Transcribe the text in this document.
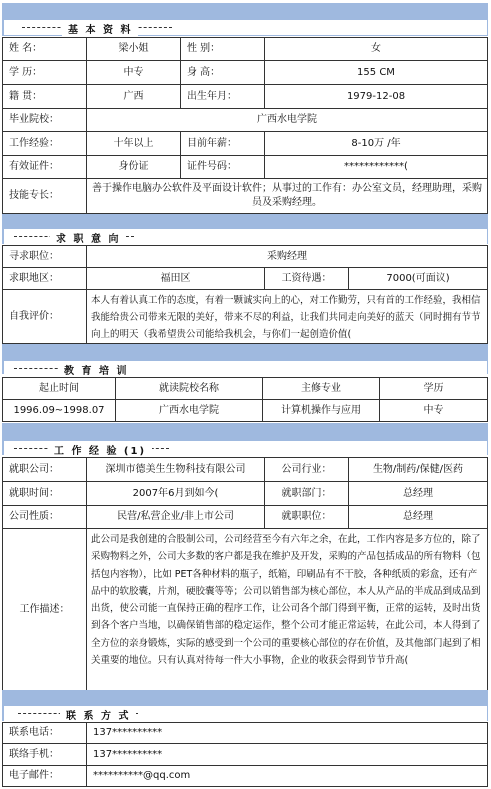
基 本 资 料
姓 名：	梁小姐	性 别：	女
学 历：	中专	身 高：	155 CM
籍 贯：	广西	出生年月：	1979-12-08
毕业院校：	广西水电学院
工作经验：	十年以上	目前年薪：	8-10万 /年
有效证件：	身份证	证件号码：	************(
技能专长：
善于操作电脑办公软件及平面设计软件；从事过的工作有：办公室文员，经理助理，采购员及采购经理。
求 职 意 向
寻求职位：	采购经理
求职地区：	福田区	工资待遇：	7000(可面议)
自我评价：
本人有着认真工作的态度，有着一颗诚实向上的心，对工作勤劳，只有首的工作经验，我相信我能给贵公司带来无限的美好，带来不尽的利益，让我们共同走向美好的蓝天（同时拥有节节向上的明天（我希望贵公司能给我机会，与你们一起创造价值(
教 育 培 训
起止时间	就读院校名称	主修专业	学历
1996.09~1998.07	广西水电学院	计算机操作与应用	中专
工 作 经 验 (1)
就职公司：	深圳市德美生生物科技有限公司	公司行业：	生物/制药/保健/医药
就职时间：	2007年6月到如今(	就职部门：	总经理
公司性质：	民营/私营企业/非上市公司	就职职位：	总经理
工作描述：
此公司是我创建的合股制公司，公司经营至今有六年之余，在此，工作内容是多方位的，除了采购物料之外，公司大多数的客户都是我在维护及开发，采购的产品包括成品的所有物料（包括包内容物），比如 PET各种材料的瓶子，纸箱，印刷品有不干胶，各种纸质的彩盒，还有产品中的软胶囊，片剂，硬胶囊等等；公司以销售部为核心部位，本人从产品的半成品到成品到出货，使公司能一直保持正确的程序工作，让公司各个部门得到平衡，正常的运转，及时出货到各个客户当地，以确保销售部的稳定运作，整个公司才能正常运转，在此公司，本人得到了全方位的亲身锻炼，实际的感受到一个公司的重要核心部位的存在价值，及其他部门起到了相关重要的地位。只有认真对待每一件大小事物，企业的收获会得到节节升高(
联 系 方 式
联系电话：	137**********
联络手机：	137**********
电子邮件：	**********@qq.com
